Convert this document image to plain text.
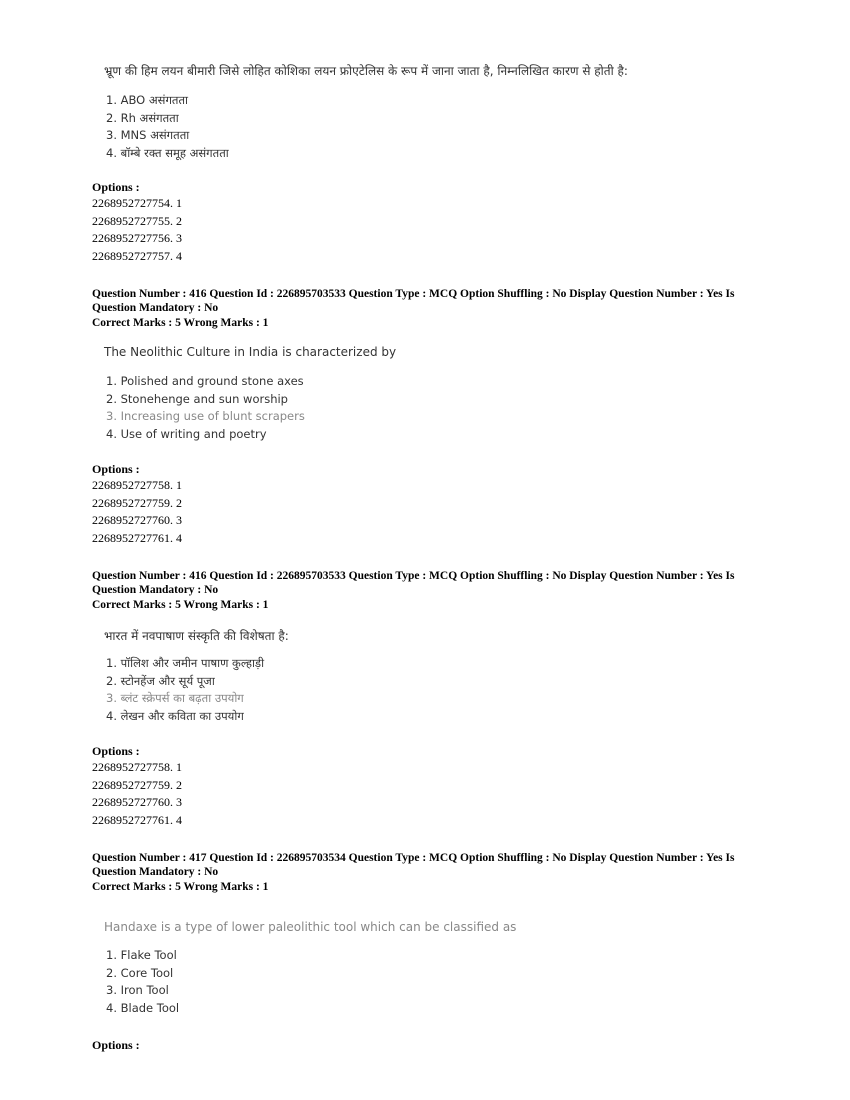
भ्रूण की हिम लयन बीमारी जिसे लोहित कोशिका लयन फ्रोएटेलिस के रूप में जाना जाता है, निम्नलिखित कारण से होती है:
1. ABO असंगतता
2. Rh असंगतता
3. MNS असंगतता
4. बॉम्बे रक्त समूह असंगतता
Options :
2268952727754. 1
2268952727755. 2
2268952727756. 3
2268952727757. 4
Question Number : 416 Question Id : 226895703533 Question Type : MCQ Option Shuffling : No Display Question Number : Yes Is Question Mandatory : No
Correct Marks : 5 Wrong Marks : 1
The Neolithic Culture in India is characterized by
1. Polished and ground stone axes
2. Stonehenge and sun worship
3. Increasing use of blunt scrapers
4. Use of writing and poetry
Options :
2268952727758. 1
2268952727759. 2
2268952727760. 3
2268952727761. 4
Question Number : 416 Question Id : 226895703533 Question Type : MCQ Option Shuffling : No Display Question Number : Yes Is Question Mandatory : No
Correct Marks : 5 Wrong Marks : 1
भारत में नवपाषाण संस्कृति की विशेषता है:
1. पॉलिश और जमीन पाषाण कुल्हाड़ी
2. स्टोनहेंज और सूर्य पूजा
3. ब्लंट स्क्रेपर्स का बढ़ता उपयोग
4. लेखन और कविता का उपयोग
Options :
2268952727758. 1
2268952727759. 2
2268952727760. 3
2268952727761. 4
Question Number : 417 Question Id : 226895703534 Question Type : MCQ Option Shuffling : No Display Question Number : Yes Is Question Mandatory : No
Correct Marks : 5 Wrong Marks : 1
Handaxe is a type of lower paleolithic tool which can be classified as
1. Flake Tool
2. Core Tool
3. Iron Tool
4. Blade Tool
Options :
